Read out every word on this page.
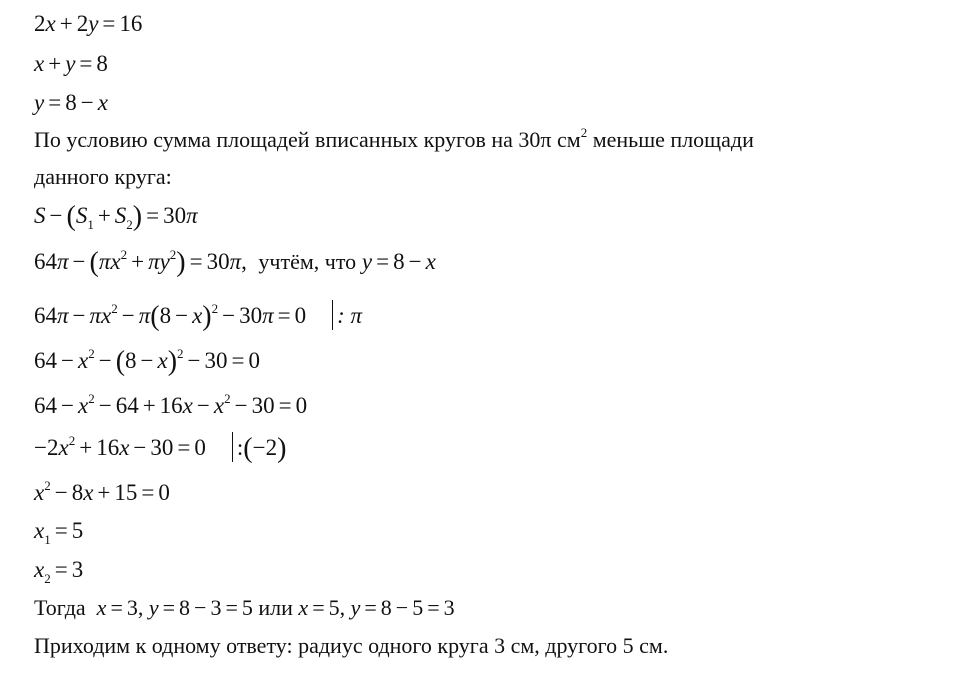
2x + 2y = 16
x + y = 8
y = 8 − x
По условию сумма площадей вписанных кругов на 30π $см^2$ меньше площади
данного круга:
$S - (S_1 + S_2) = 30\pi$
$64\pi - (\pi x^2 + \pi y^2) = 30\pi$,  учтём, что y = 8 − x
$64\pi - \pi x^2 - \pi(8 - x)^2 - 30\pi = 0$ : π
$64 - x^2 - (8 - x)^2 - 30 = 0$
$64 - x^2 - 64 + 16x - x^2 - 30 = 0$
$-2x^2 + 16x - 30 = 0$ :(−2)
$x^2 - 8x + 15 = 0$
$x_1 = 5$
$x_2 = 3$
Тогда x = 3, y = 8 − 3 = 5 или x = 5, y = 8 − 5 = 3
Приходим к одному ответу: радиус одного круга 3 см, другого 5 см.
